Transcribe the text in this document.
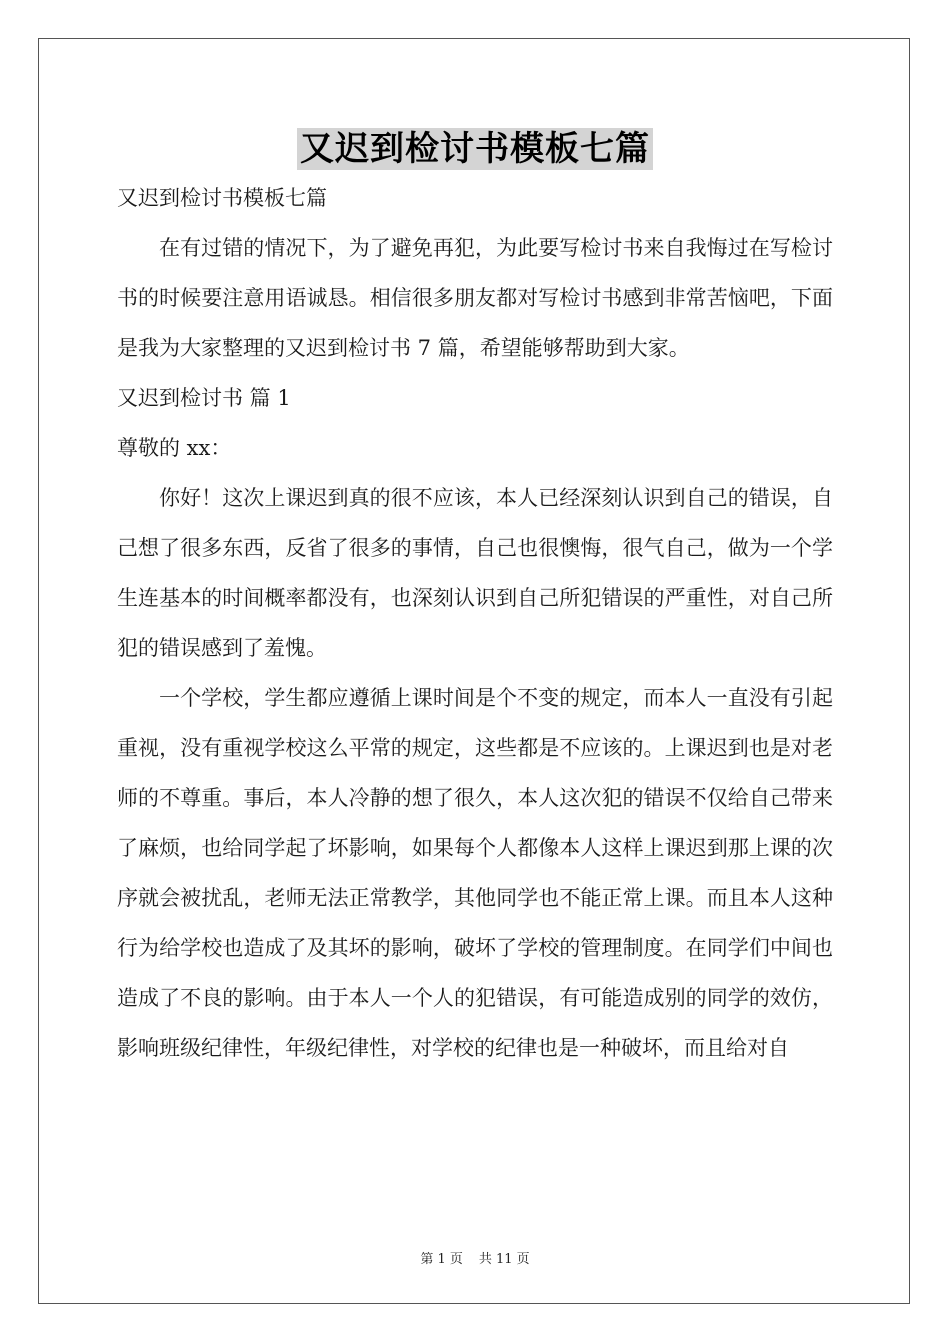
又迟到检讨书模板七篇

又迟到检讨书模板七篇

在有过错的情况下，为了避免再犯，为此要写检讨书来自我悔过在写检讨书的时候要注意用语诚恳。相信很多朋友都对写检讨书感到非常苦恼吧，下面是我为大家整理的又迟到检讨书 7 篇，希望能够帮助到大家。

又迟到检讨书 篇 1

尊敬的 xx：

你好！这次上课迟到真的很不应该，本人已经深刻认识到自己的错误，自己想了很多东西，反省了很多的事情，自己也很懊悔，很气自己，做为一个学生连基本的时间概率都没有，也深刻认识到自己所犯错误的严重性，对自己所犯的错误感到了羞愧。

一个学校，学生都应遵循上课时间是个不变的规定，而本人一直没有引起重视，没有重视学校这么平常的规定，这些都是不应该的。上课迟到也是对老师的不尊重。事后，本人冷静的想了很久，本人这次犯的错误不仅给自己带来了麻烦，也给同学起了坏影响，如果每个人都像本人这样上课迟到那上课的次序就会被扰乱，老师无法正常教学，其他同学也不能正常上课。而且本人这种行为给学校也造成了及其坏的影响，破坏了学校的管理制度。在同学们中间也造成了不良的影响。由于本人一个人的犯错误，有可能造成别的同学的效仿，影响班级纪律性，年级纪律性，对学校的纪律也是一种破坏，而且给对自

第 1 页 共 11 页
